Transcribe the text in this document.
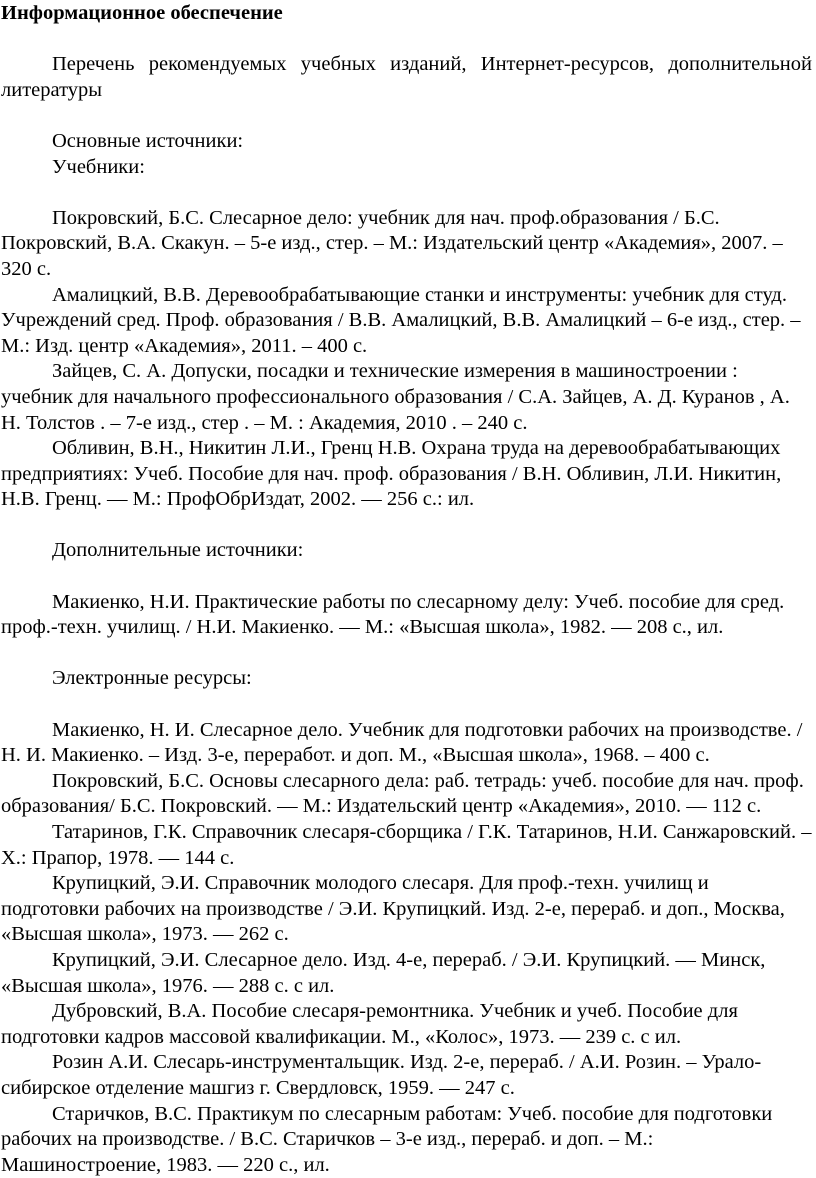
Информационное обеспечение

Перечень рекомендуемых учебных изданий, Интернет-ресурсов, дополнительной литературы

Основные источники:

Учебники:

Покровский, Б.С. Слесарное дело: учебник для нач. проф.образования / Б.С. Покровский, В.А. Скакун. – 5-е изд., стер. – М.: Издательский центр «Академия», 2007. – 320 с.

Амалицкий, В.В. Деревообрабатывающие станки и инструменты: учебник для студ. Учреждений сред. Проф. образования / В.В. Амалицкий, В.В. Амалицкий – 6-е изд., стер. – М.: Изд. центр «Академия», 2011. – 400 с.

Зайцев, С. А. Допуски, посадки и технические измерения в машиностроении : учебник для начального профессионального образования / С.А. Зайцев, А. Д. Куранов , А. Н. Толстов . – 7-е изд., стер . – М. : Академия, 2010 . – 240 с.

Обливин, В.Н., Никитин Л.И., Гренц Н.В. Охрана труда на деревообрабатывающих предприятиях: Учеб. Пособие для нач. проф. образования / В.Н. Обливин, Л.И. Никитин, Н.В. Гренц. ― М.: ПрофОбрИздат, 2002. ― 256 с.: ил.

Дополнительные источники:

Макиенко, Н.И. Практические работы по слесарному делу: Учеб. пособие для сред. проф.-техн. училищ. / Н.И. Макиенко. ― М.: «Высшая школа», 1982. ― 208 с., ил.

Электронные ресурсы:

Макиенко, Н. И. Слесарное дело. Учебник для подготовки рабочих на производстве. / Н. И. Макиенко. – Изд. 3-е, переработ. и доп. М., «Высшая школа», 1968. – 400 с.

Покровский, Б.С. Основы слесарного дела: раб. тетрадь: учеб. пособие для нач. проф. образования/ Б.С. Покровский. — М.: Издательский центр «Академия», 2010. — 112 с.

Татаринов, Г.К. Справочник слесаря-сборщика / Г.К. Татаринов, Н.И. Санжаровский. – Х.: Прапор, 1978. — 144 с.

Крупицкий, Э.И. Справочник молодого слесаря. Для проф.-техн. училищ и подготовки рабочих на производстве / Э.И. Крупицкий. Изд. 2-е, перераб. и доп., Москва, «Высшая школа», 1973. — 262 с.

Крупицкий, Э.И. Слесарное дело. Изд. 4-е, перераб. / Э.И. Крупицкий. — Минск, «Высшая школа», 1976. — 288 с. с ил.

Дубровский, В.А. Пособие слесаря-ремонтника. Учебник и учеб. Пособие для подготовки кадров массовой квалификации. М., «Колос», 1973. — 239 с. с ил.

Розин А.И. Слесарь-инструментальщик. Изд. 2-е, перераб. / А.И. Розин. – Урало-сибирское отделение машгиз г. Свердловск, 1959. — 247 с.

Старичков, В.С. Практикум по слесарным работам: Учеб. пособие для подготовки рабочих на производстве. / В.С. Старичков – 3-е изд., перераб. и доп. – М.: Машиностроение, 1983. ― 220 с., ил.
